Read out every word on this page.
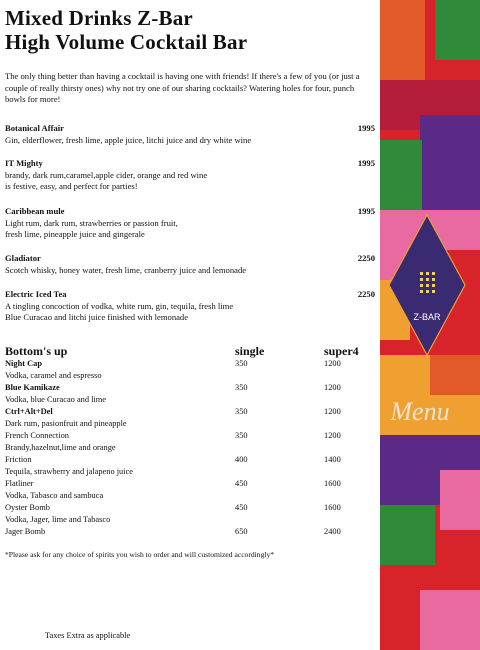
Mixed Drinks Z-Bar
High Volume Cocktail Bar
The only thing better than having a cocktail is having one with friends! If there's a few of you (or just a couple of really thirsty ones) why not try one of our sharing cocktails? Watering holes for four, punch bowls for more!
Botanical Affair	1995
Gin, elderflower, fresh lime, apple juice, litchi juice and dry white wine
IT Mighty	1995
brandy, dark rum,caramel,apple cider, orange and red wine
is festive, easy, and perfect for parties!
Caribbean mule	1995
Light rum, dark rum, strawberries or passion fruit,
fresh lime, pineapple juice and gingerale
Gladiator	2250
Scotch whisky, honey water, fresh lime, cranberry juice and lemonade
Electric Iced Tea	2250
A tingling concoction of vodka, white rum, gin, tequila, fresh lime
Blue Curacao and litchi juice finished with lemonade
Bottom's up	single	super4
Night Cap	350	1200
Vodka, caramel and espresso
Blue Kamikaze	350	1200
Vodka, blue Curacao and lime
Ctrl+Alt+Del	350	1200
Dark rum, pasionfruit and pineapple
French Connection	350	1200
Brandy,hazelnut,lime and orange
Friction	400	1400
Tequila, strawberry and jalapeno juice
Flatliner	450	1600
Vodka, Tabasco and sambuca
Oyster Bomb	450	1600
Vodka, Jager, lime and Tabasco
Jager Bomb	650	2400
*Please ask for any choice of spirits you wish to order and will customized accordingly*
Taxes Extra as applicable
Z-BAR
Menu
